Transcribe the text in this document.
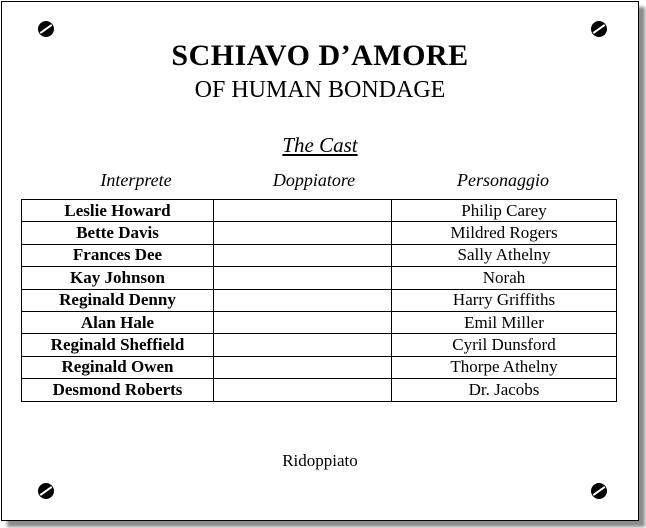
SCHIAVO D’AMORE
OF HUMAN BONDAGE
The Cast
Interprete	Doppiatore	Personaggio
Leslie Howard		Philip Carey
Bette Davis		Mildred Rogers
Frances Dee		Sally Athelny
Kay Johnson		Norah
Reginald Denny		Harry Griffiths
Alan Hale		Emil Miller
Reginald Sheffield		Cyril Dunsford
Reginald Owen		Thorpe Athelny
Desmond Roberts		Dr. Jacobs
Ridoppiato
